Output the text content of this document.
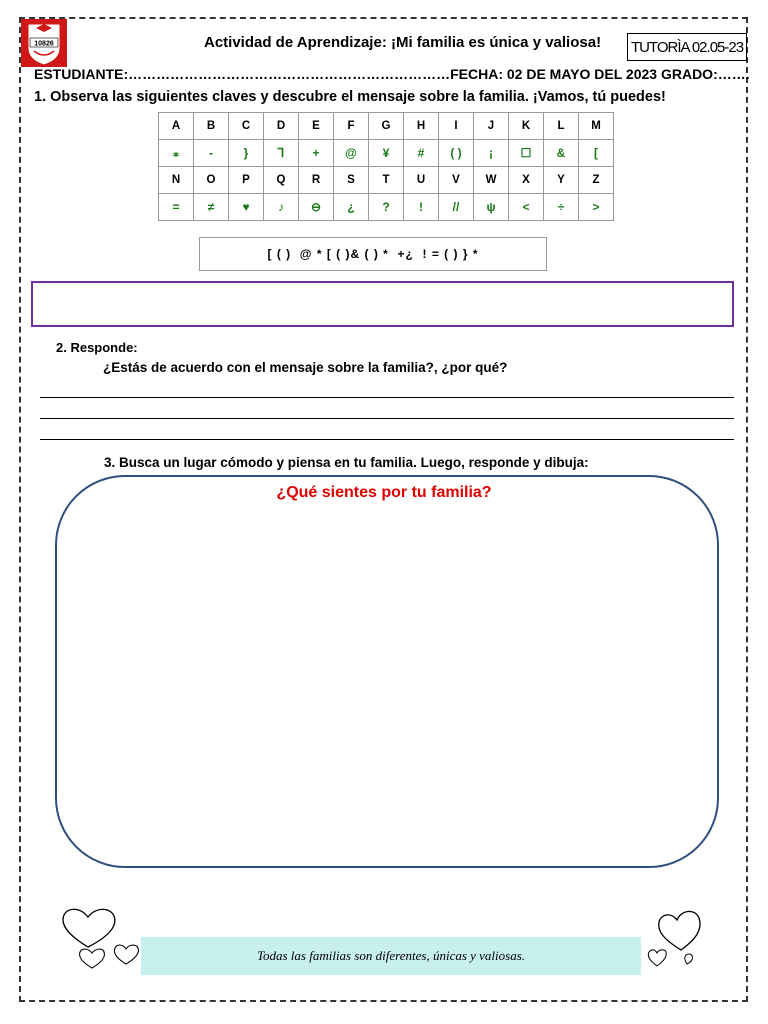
10826	Actividad de Aprendizaje: ¡Mi familia es única y valiosa! TUTORÌA 02.05-23
ESTUDIANTE:……………………………………………………………FECHA: 02 DE MAYO DEL 2023 GRADO:…….
1. Observa las siguientes claves y descubre el mensaje sobre la familia. ¡Vamos, tú puedes!
A	B	C	D	E	F	G	H	I	J	K	L	M
⁎	-	}	⅂	+	@	¥	#	( )	¡	☐	&	[
N	O	P	Q	R	S	T	U	V	W	X	Y	Z
=	≠	♥	♪	⊖	¿	?	!	//	ψ	<	÷	>
[ ( )  @ * [ ( )& ( ) *  +¿  ! = ( ) } *
2. Responde:
¿Estás de acuerdo con el mensaje sobre la familia?, ¿por qué?
3. Busca un lugar cómodo y piensa en tu familia. Luego, responde y dibuja:
¿Qué sientes por tu familia?
Todas las familias son diferentes, únicas y valiosas.
